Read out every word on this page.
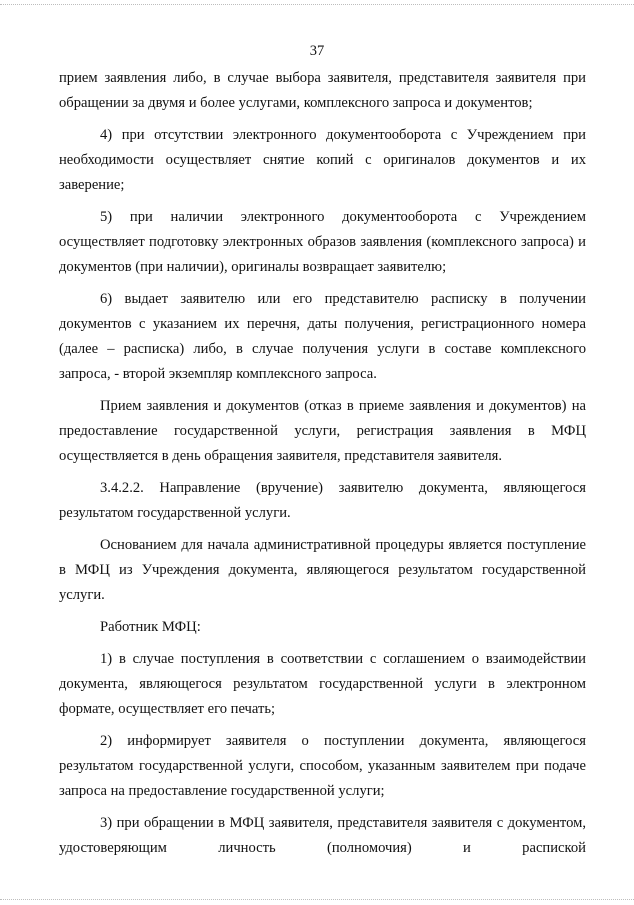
37

прием заявления либо, в случае выбора заявителя, представителя заявителя при обращении за двумя и более услугами, комплексного запроса и документов;

4) при отсутствии электронного документооборота с Учреждением при необходимости осуществляет снятие копий с оригиналов документов и их заверение;

5) при наличии электронного документооборота с Учреждением осуществляет подготовку электронных образов заявления (комплексного запроса) и документов (при наличии), оригиналы возвращает заявителю;

6) выдает заявителю или его представителю расписку в получении документов с указанием их перечня, даты получения, регистрационного номера (далее – расписка) либо, в случае получения услуги в составе комплексного запроса, - второй экземпляр комплексного запроса.

Прием заявления и документов (отказ в приеме заявления и документов) на предоставление государственной услуги, регистрация заявления в МФЦ осуществляется в день обращения заявителя, представителя заявителя.

3.4.2.2. Направление (вручение) заявителю документа, являющегося результатом государственной услуги.

Основанием для начала административной процедуры является поступление в МФЦ из Учреждения документа, являющегося результатом государственной услуги.

Работник МФЦ:

1) в случае поступления в соответствии с соглашением о взаимодействии документа, являющегося результатом государственной услуги в электронном формате, осуществляет его печать;

2) информирует заявителя о поступлении документа, являющегося результатом государственной услуги, способом, указанным заявителем при подаче запроса на предоставление государственной услуги;

3) при обращении в МФЦ заявителя, представителя заявителя с документом, удостоверяющим личность (полномочия) и распиской
